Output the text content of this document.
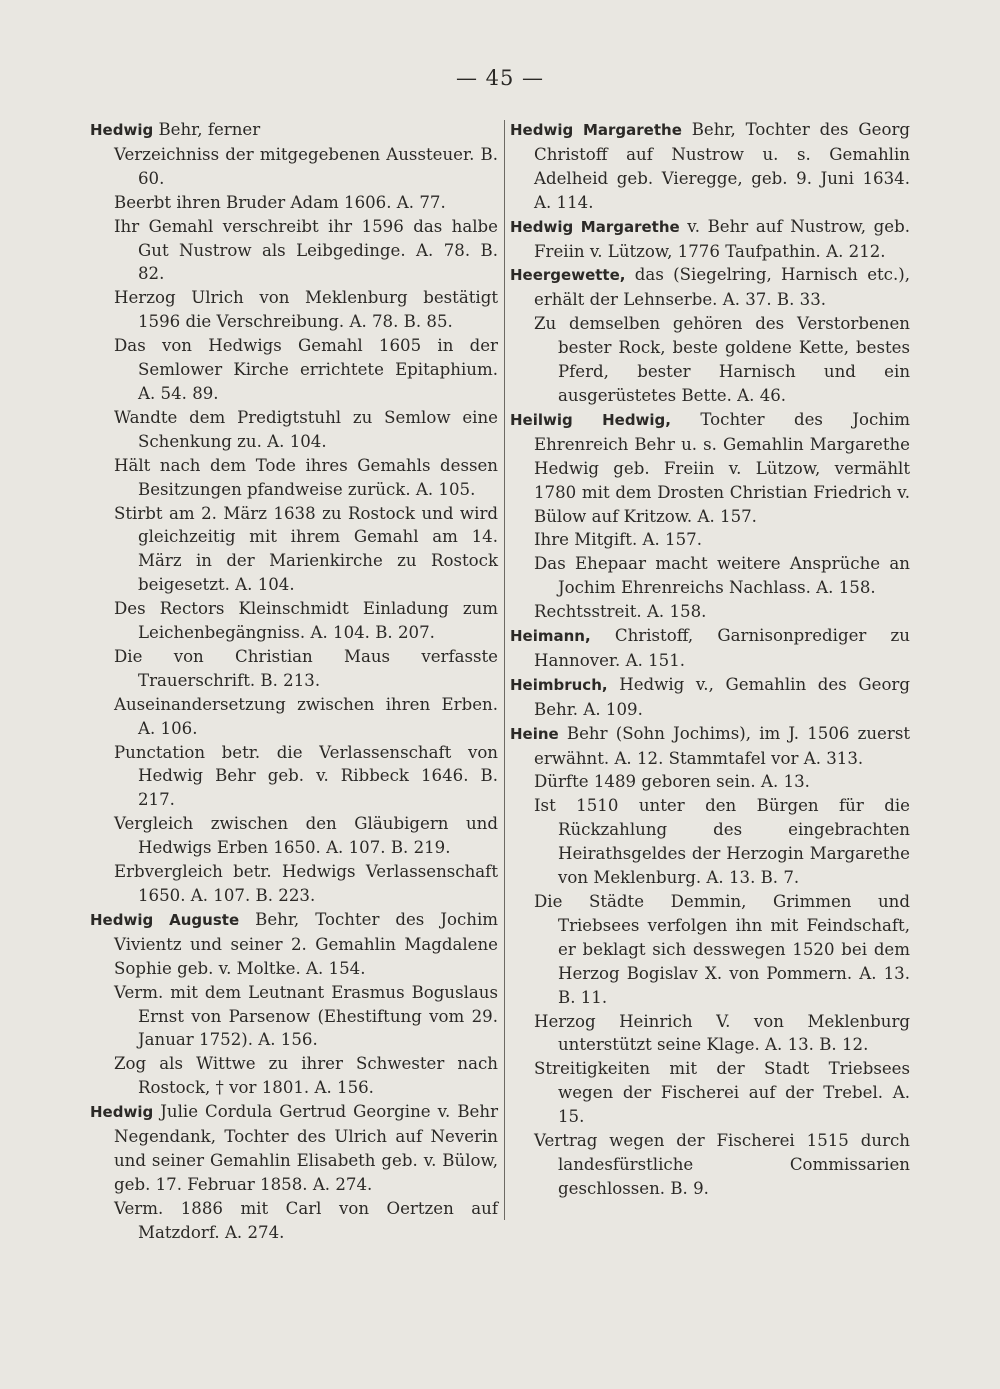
— 45 —
Hedwig Behr, ferner
Verzeichniss der mitgegebenen Aussteuer. B. 60.
Beerbt ihren Bruder Adam 1606. A. 77.
Ihr Gemahl verschreibt ihr 1596 das halbe Gut Nustrow als Leibgedinge. A. 78. B. 82.
Herzog Ulrich von Meklenburg bestätigt 1596 die Verschreibung. A. 78. B. 85.
Das von Hedwigs Gemahl 1605 in der Semlower Kirche errichtete Epitaphium. A. 54. 89.
Wandte dem Predigtstuhl zu Semlow eine Schenkung zu. A. 104.
Hält nach dem Tode ihres Gemahls dessen Besitzungen pfandweise zurück. A. 105.
Stirbt am 2. März 1638 zu Rostock und wird gleichzeitig mit ihrem Gemahl am 14. März in der Marienkirche zu Rostock beigesetzt. A. 104.
Des Rectors Kleinschmidt Einladung zum Leichenbegängniss. A. 104. B. 207.
Die von Christian Maus verfasste Trauerschrift. B. 213.
Auseinandersetzung zwischen ihren Erben. A. 106.
Punctation betr. die Verlassenschaft von Hedwig Behr geb. v. Ribbeck 1646. B. 217.
Vergleich zwischen den Gläubigern und Hedwigs Erben 1650. A. 107. B. 219.
Erbvergleich betr. Hedwigs Verlassenschaft 1650. A. 107. B. 223.
Hedwig Auguste Behr, Tochter des Jochim Vivientz und seiner 2. Gemahlin Magdalene Sophie geb. v. Moltke. A. 154.
Verm. mit dem Leutnant Erasmus Boguslaus Ernst von Parsenow (Ehestiftung vom 29. Januar 1752). A. 156.
Zog als Wittwe zu ihrer Schwester nach Rostock, † vor 1801. A. 156.
Hedwig Julie Cordula Gertrud Georgine v. Behr Negendank, Tochter des Ulrich auf Neverin und seiner Gemahlin Elisabeth geb. v. Bülow, geb. 17. Februar 1858. A. 274.
Verm. 1886 mit Carl von Oertzen auf Matzdorf. A. 274.
Hedwig Margarethe Behr, Tochter des Georg Christoff auf Nustrow u. s. Gemahlin Adelheid geb. Vieregge, geb. 9. Juni 1634. A. 114.
Hedwig Margarethe v. Behr auf Nustrow, geb. Freiin v. Lützow, 1776 Taufpathin. A. 212.
Heergewette, das (Siegelring, Harnisch etc.), erhält der Lehnserbe. A. 37. B. 33.
Zu demselben gehören des Verstorbenen bester Rock, beste goldene Kette, bestes Pferd, bester Harnisch und ein ausgerüstetes Bette. A. 46.
Heilwig Hedwig, Tochter des Jochim Ehrenreich Behr u. s. Gemahlin Margarethe Hedwig geb. Freiin v. Lützow, vermählt 1780 mit dem Drosten Christian Friedrich v. Bülow auf Kritzow. A. 157.
Ihre Mitgift. A. 157.
Das Ehepaar macht weitere Ansprüche an Jochim Ehrenreichs Nachlass. A. 158.
Rechtsstreit. A. 158.
Heimann, Christoff, Garnisonprediger zu Hannover. A. 151.
Heimbruch, Hedwig v., Gemahlin des Georg Behr. A. 109.
Heine Behr (Sohn Jochims), im J. 1506 zuerst erwähnt. A. 12. Stammtafel vor A. 313.
Dürfte 1489 geboren sein. A. 13.
Ist 1510 unter den Bürgen für die Rückzahlung des eingebrachten Heirathsgeldes der Herzogin Margarethe von Meklenburg. A. 13. B. 7.
Die Städte Demmin, Grimmen und Triebsees verfolgen ihn mit Feindschaft, er beklagt sich desswegen 1520 bei dem Herzog Bogislav X. von Pommern. A. 13. B. 11.
Herzog Heinrich V. von Meklenburg unterstützt seine Klage. A. 13. B. 12.
Streitigkeiten mit der Stadt Triebsees wegen der Fischerei auf der Trebel. A. 15.
Vertrag wegen der Fischerei 1515 durch landesfürstliche Commissarien geschlossen. B. 9.
